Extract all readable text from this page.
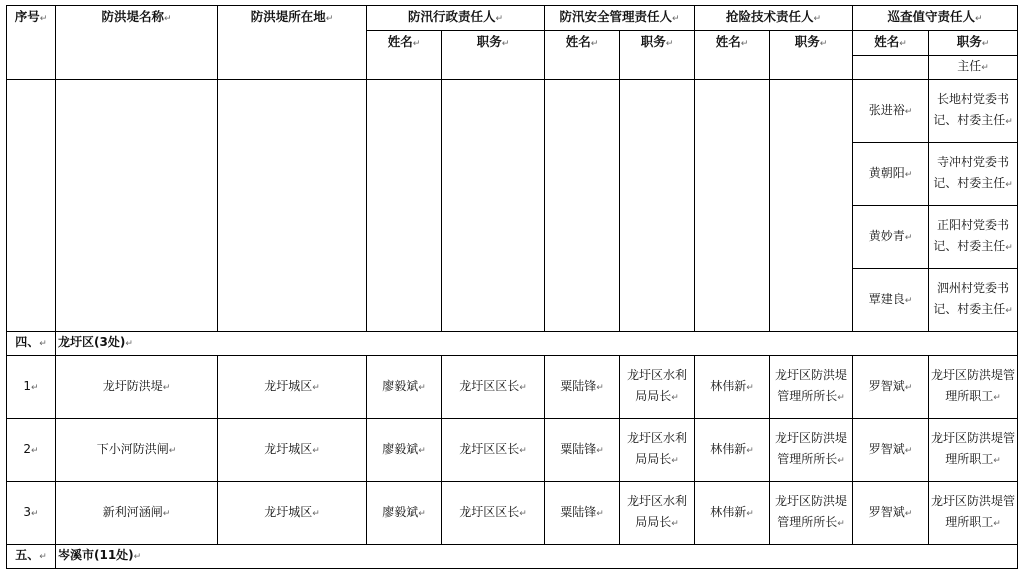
序号↵	防洪堤名称↵	防洪堤所在地↵	防汛行政责任人↵		防汛安全管理责任人↵		抢险技术责任人↵		巡查值守责任人↵	
			姓名↵	职务↵	姓名↵	职务↵	姓名↵	职务↵	姓名↵	职务↵
										主任↵
									张进裕↵	长地村党委书记、村委主任↵
									黄朝阳↵	寺冲村党委书记、村委主任↵
									黄妙青↵	正阳村党委书记、村委主任↵
									覃建良↵	泗州村党委书记、村委主任↵
四、↵	龙圩区(3处)↵									
1↵	龙圩防洪堤↵	龙圩城区↵	廖毅斌↵	龙圩区区长↵	粟陆锋↵	龙圩区水利局局长↵	林伟新↵	龙圩区防洪堤管理所所长↵	罗智斌↵	龙圩区防洪堤管理所职工↵
2↵	下小河防洪闸↵	龙圩城区↵	廖毅斌↵	龙圩区区长↵	粟陆锋↵	龙圩区水利局局长↵	林伟新↵	龙圩区防洪堤管理所所长↵	罗智斌↵	龙圩区防洪堤管理所职工↵
3↵	新利河涵闸↵	龙圩城区↵	廖毅斌↵	龙圩区区长↵	粟陆锋↵	龙圩区水利局局长↵	林伟新↵	龙圩区防洪堤管理所所长↵	罗智斌↵	龙圩区防洪堤管理所职工↵
五、↵	岑溪市(11处)↵									
